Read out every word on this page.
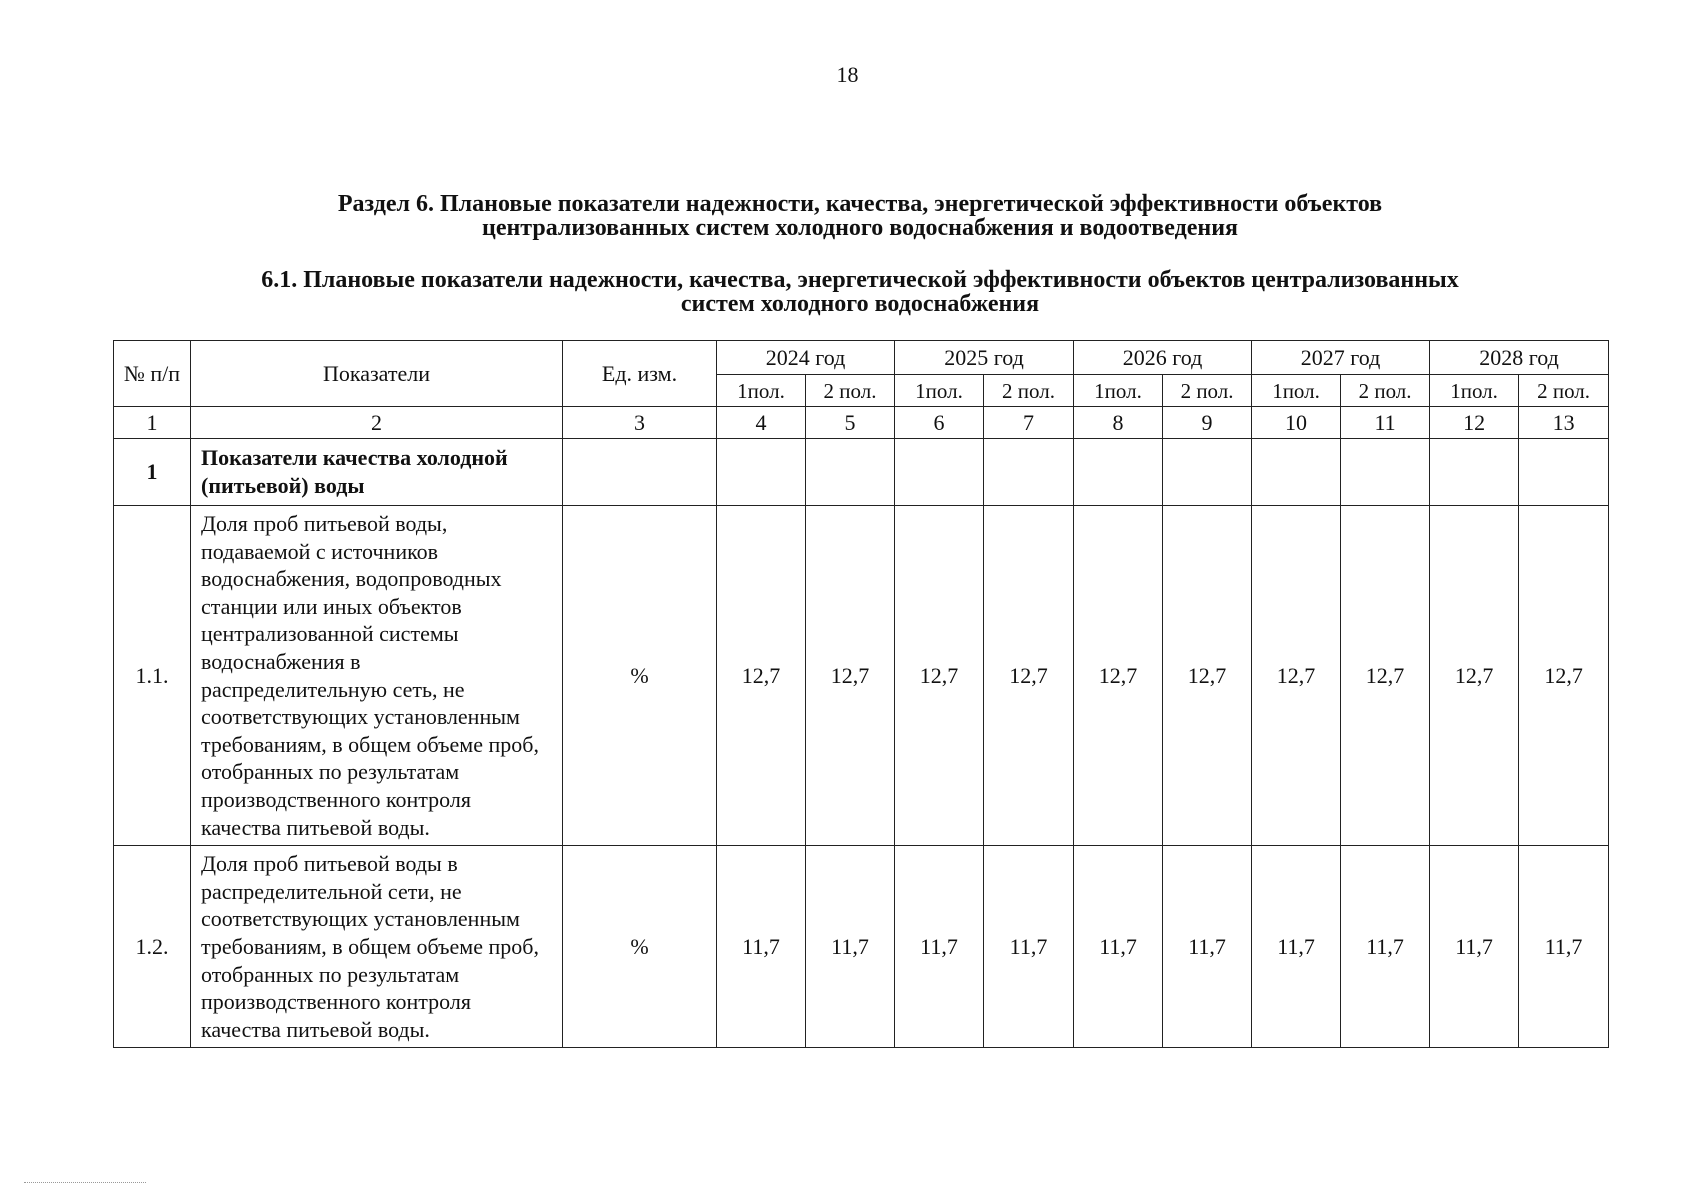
18
Раздел 6. Плановые показатели надежности, качества, энергетической эффективности объектов
централизованных систем холодного водоснабжения и водоотведения
6.1. Плановые показатели надежности, качества, энергетической эффективности объектов централизованных
систем холодного водоснабжения
№ п/п	Показатели	Ед. изм.	2024 год		2025 год		2026 год		2027 год		2028 год	
			1пол.	2 пол.	1пол.	2 пол.	1пол.	2 пол.	1пол.	2 пол.	1пол.	2 пол.
1	2	3	4	5	6	7	8	9	10	11	12	13
1	Показатели качества холодной (питьевой) воды											
1.1.	Доля проб питьевой воды, подаваемой с источников водоснабжения, водопроводных станции или иных объектов централизованной системы водоснабжения в распределительную сеть, не соответствующих установленным требованиям, в общем объеме проб, отобранных по результатам производственного контроля качества питьевой воды.	%	12,7	12,7	12,7	12,7	12,7	12,7	12,7	12,7	12,7	12,7
1.2.	Доля проб питьевой воды в распределительной сети, не соответствующих установленным требованиям, в общем объеме проб, отобранных по результатам производственного контроля качества питьевой воды.	%	11,7	11,7	11,7	11,7	11,7	11,7	11,7	11,7	11,7	11,7
